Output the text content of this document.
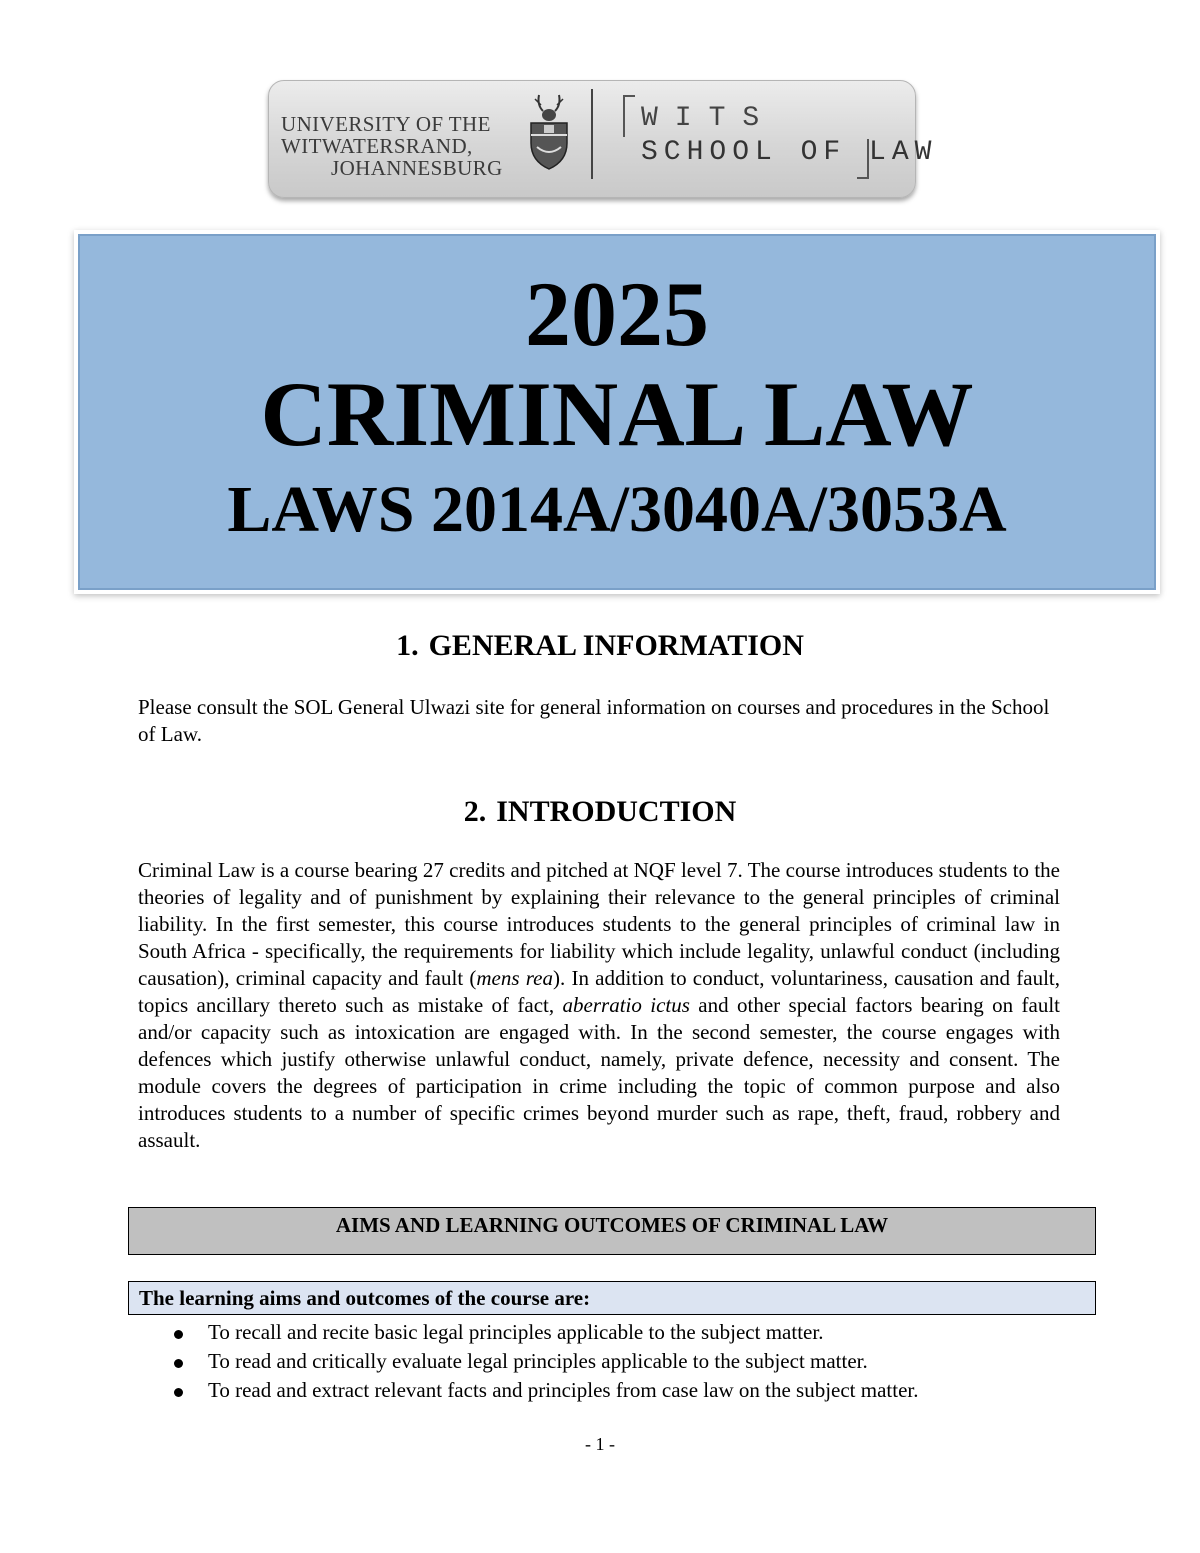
UNIVERSITY OF THE
WITWATERSRAND,
JOHANNESBURG
WITS
SCHOOL OF LAW
2025
CRIMINAL LAW
LAWS 2014A/3040A/3053A
1. GENERAL INFORMATION
Please consult the SOL General Ulwazi site for general information on courses and procedures in the School of Law.
2. INTRODUCTION
Criminal Law is a course bearing 27 credits and pitched at NQF level 7. The course introduces students to the theories of legality and of punishment by explaining their relevance to the general principles of criminal liability. In the first semester, this course introduces students to the general principles of criminal law in South Africa - specifically, the requirements for liability which include legality, unlawful conduct (including causation), criminal capacity and fault (mens rea). In addition to conduct, voluntariness, causation and fault, topics ancillary thereto such as mistake of fact, aberratio ictus and other special factors bearing on fault and/or capacity such as intoxication are engaged with. In the second semester, the course engages with defences which justify otherwise unlawful conduct, namely, private defence, necessity and consent. The module covers the degrees of participation in crime including the topic of common purpose and also introduces students to a number of specific crimes beyond murder such as rape, theft, fraud, robbery and assault.
AIMS AND LEARNING OUTCOMES OF CRIMINAL LAW
The learning aims and outcomes of the course are:
To recall and recite basic legal principles applicable to the subject matter.
To read and critically evaluate legal principles applicable to the subject matter.
To read and extract relevant facts and principles from case law on the subject matter.
- 1 -
